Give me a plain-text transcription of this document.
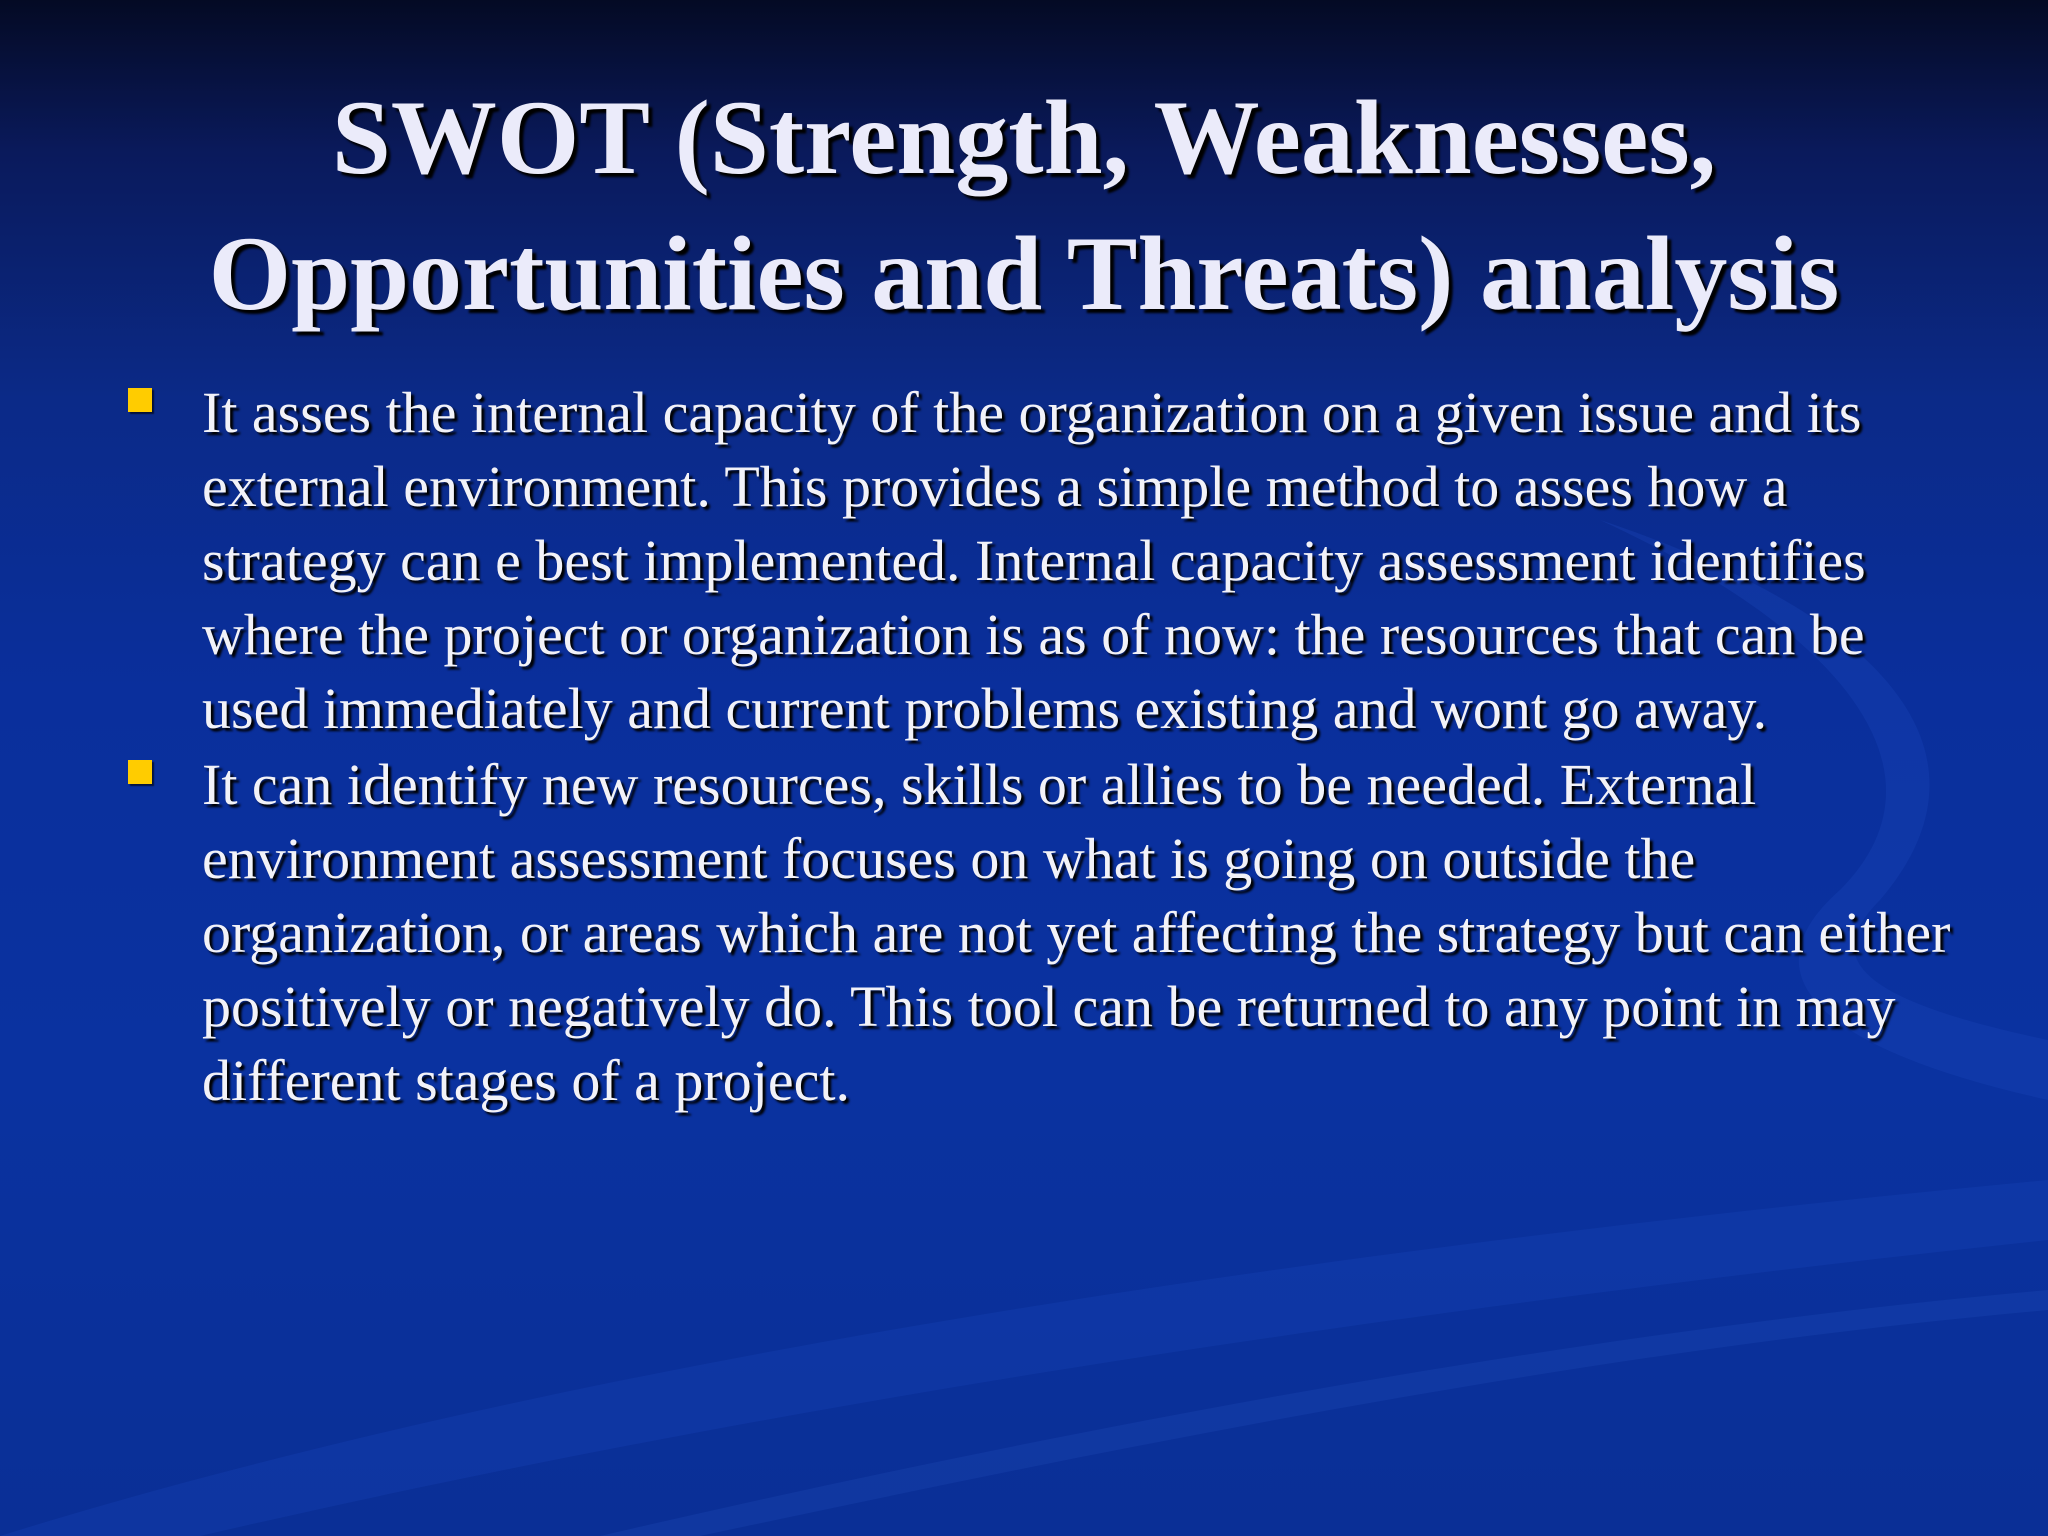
SWOT (Strength, Weaknesses, Opportunities and Threats) analysis
It asses the internal capacity of the organization on a given issue and its external environment. This provides a simple method to asses how a strategy can e best implemented. Internal capacity assessment identifies where the project or organization is as of now: the resources that can be used immediately and current problems existing and wont go away.
It can identify new resources, skills or allies to be needed. External environment assessment focuses on what is going on outside the organization, or areas which are not yet affecting the strategy but can either positively or negatively do. This tool can be returned to any point in may different stages of a project.
